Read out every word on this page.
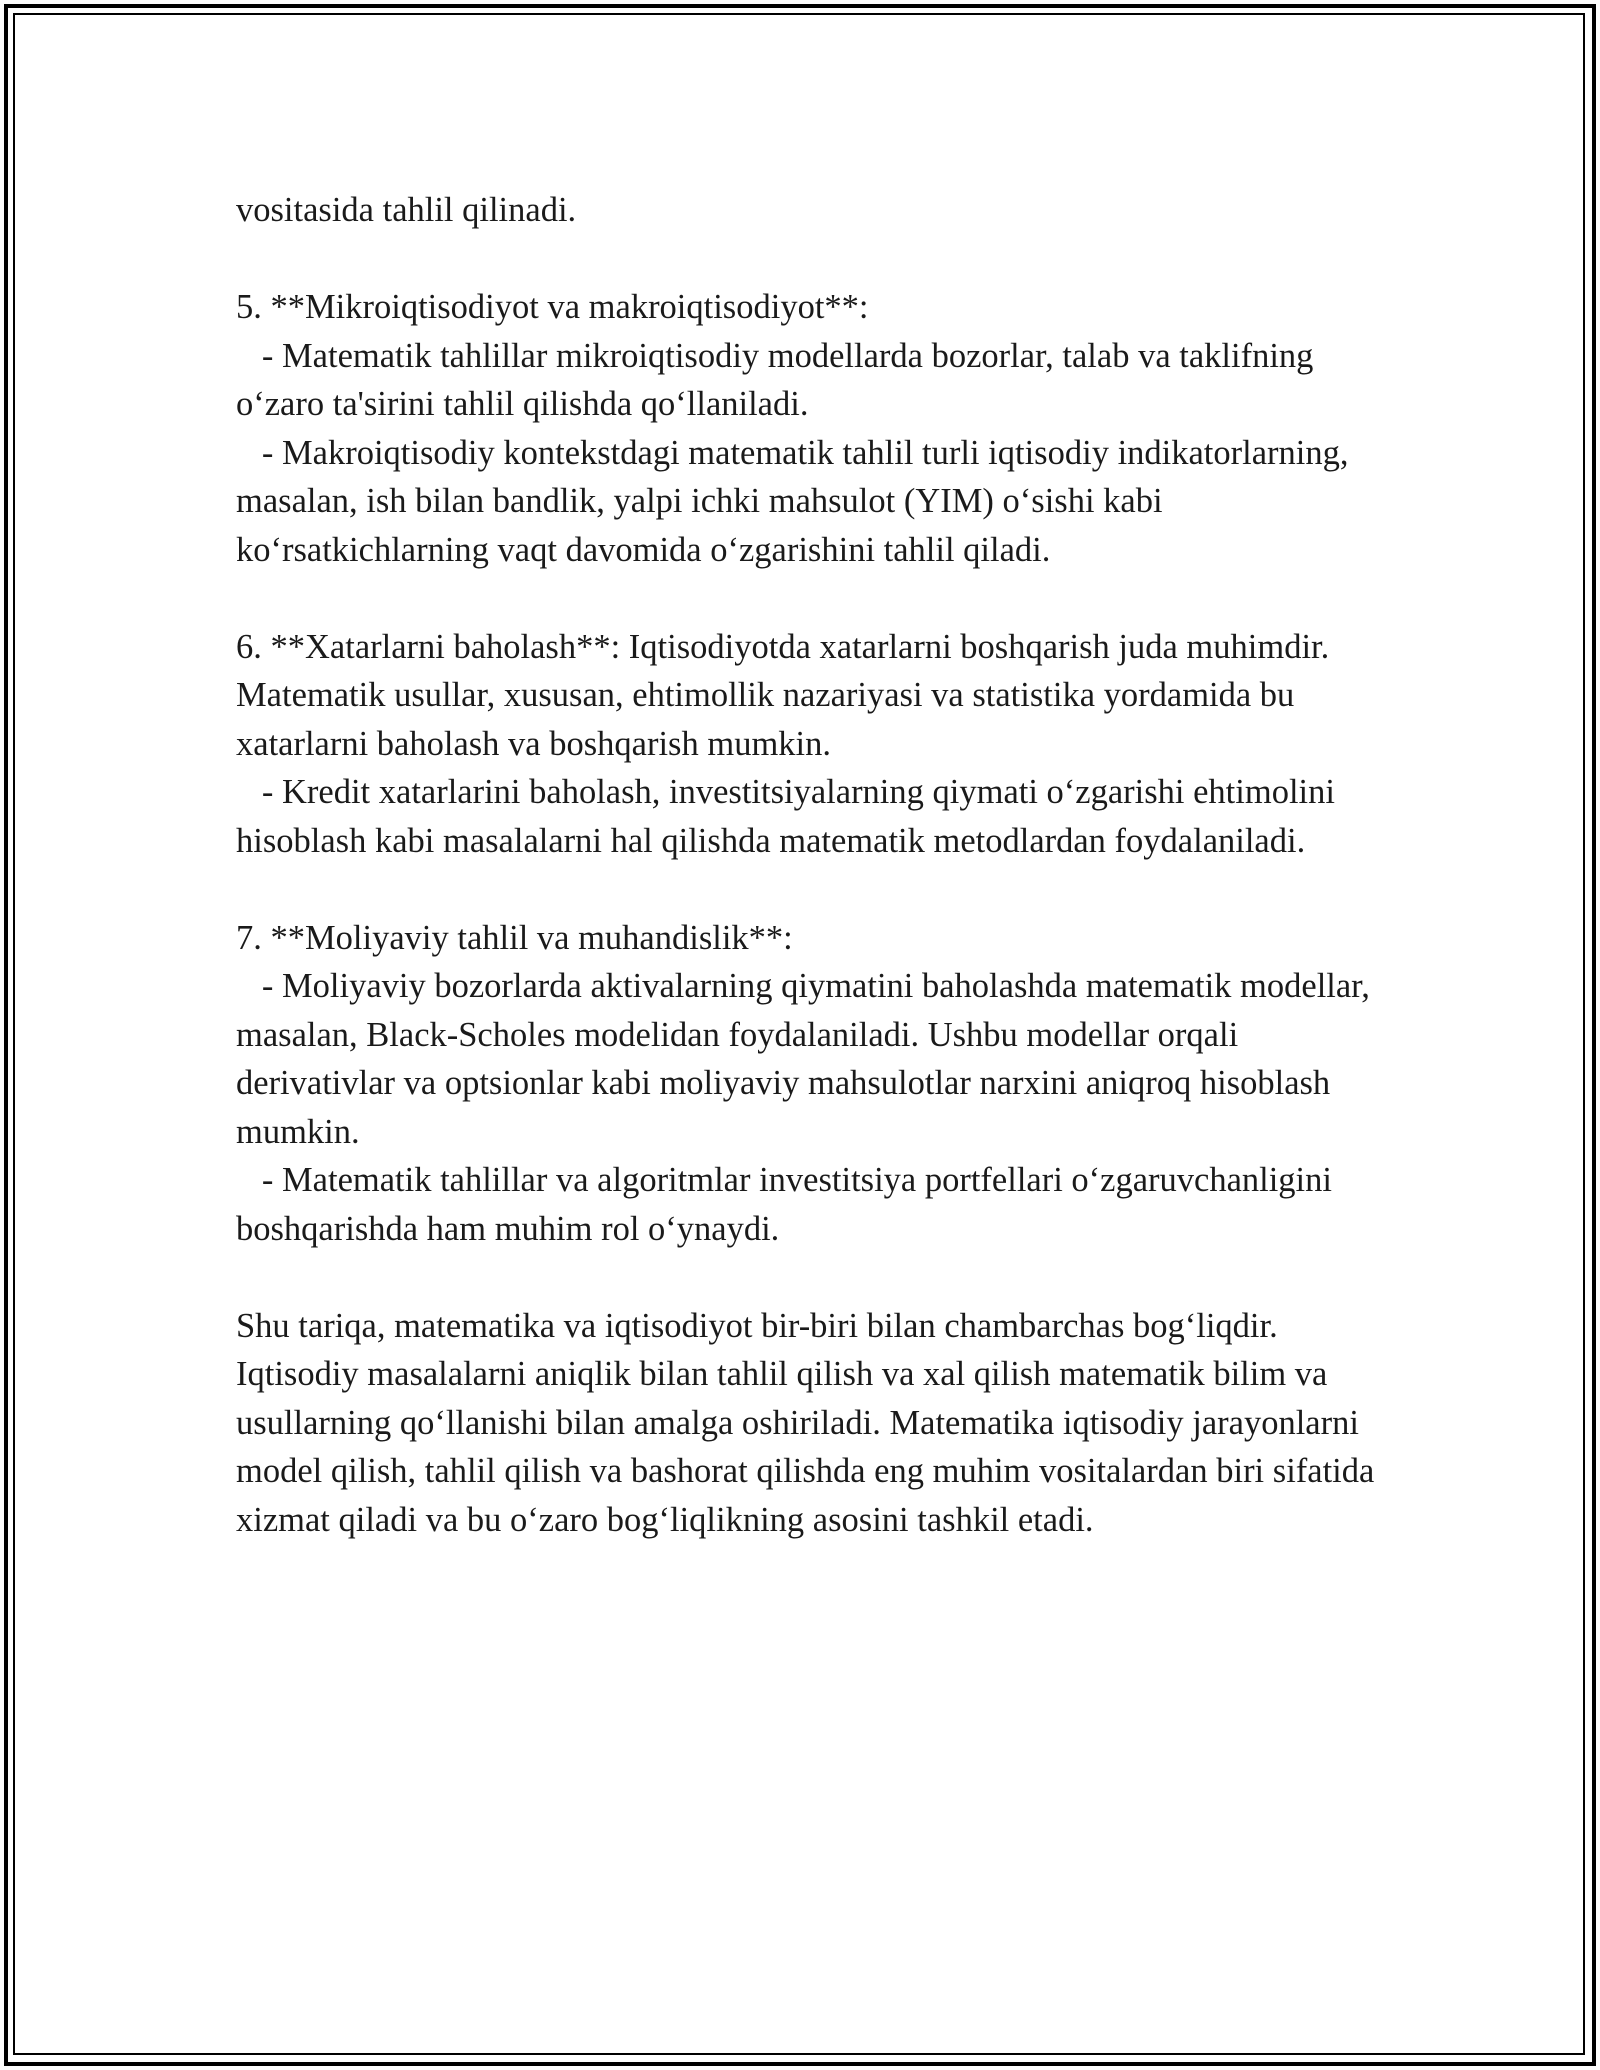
vositasida tahlil qilinadi.

5. **Mikroiqtisodiyot va makroiqtisodiyot**:

- Matematik tahlillar mikroiqtisodiy modellarda bozorlar, talab va taklifning o‘zaro ta'sirini tahlil qilishda qo‘llaniladi.

- Makroiqtisodiy kontekstdagi matematik tahlil turli iqtisodiy indikatorlarning, masalan, ish bilan bandlik, yalpi ichki mahsulot (YIM) o‘sishi kabi ko‘rsatkichlarning vaqt davomida o‘zgarishini tahlil qiladi.

6. **Xatarlarni baholash**: Iqtisodiyotda xatarlarni boshqarish juda muhimdir. Matematik usullar, xususan, ehtimollik nazariyasi va statistika yordamida bu xatarlarni baholash va boshqarish mumkin.

- Kredit xatarlarini baholash, investitsiyalarning qiymati o‘zgarishi ehtimolini hisoblash kabi masalalarni hal qilishda matematik metodlardan foydalaniladi.

7. **Moliyaviy tahlil va muhandislik**:

- Moliyaviy bozorlarda aktivalarning qiymatini baholashda matematik modellar, masalan, Black-Scholes modelidan foydalaniladi. Ushbu modellar orqali derivativlar va optsionlar kabi moliyaviy mahsulotlar narxini aniqroq hisoblash mumkin.

- Matematik tahlillar va algoritmlar investitsiya portfellari o‘zgaruvchanligini boshqarishda ham muhim rol o‘ynaydi.

Shu tariqa, matematika va iqtisodiyot bir-biri bilan chambarchas bog‘liqdir. Iqtisodiy masalalarni aniqlik bilan tahlil qilish va xal qilish matematik bilim va usullarning qo‘llanishi bilan amalga oshiriladi. Matematika iqtisodiy jarayonlarni model qilish, tahlil qilish va bashorat qilishda eng muhim vositalardan biri sifatida xizmat qiladi va bu o‘zaro bog‘liqlikning asosini tashkil etadi.
